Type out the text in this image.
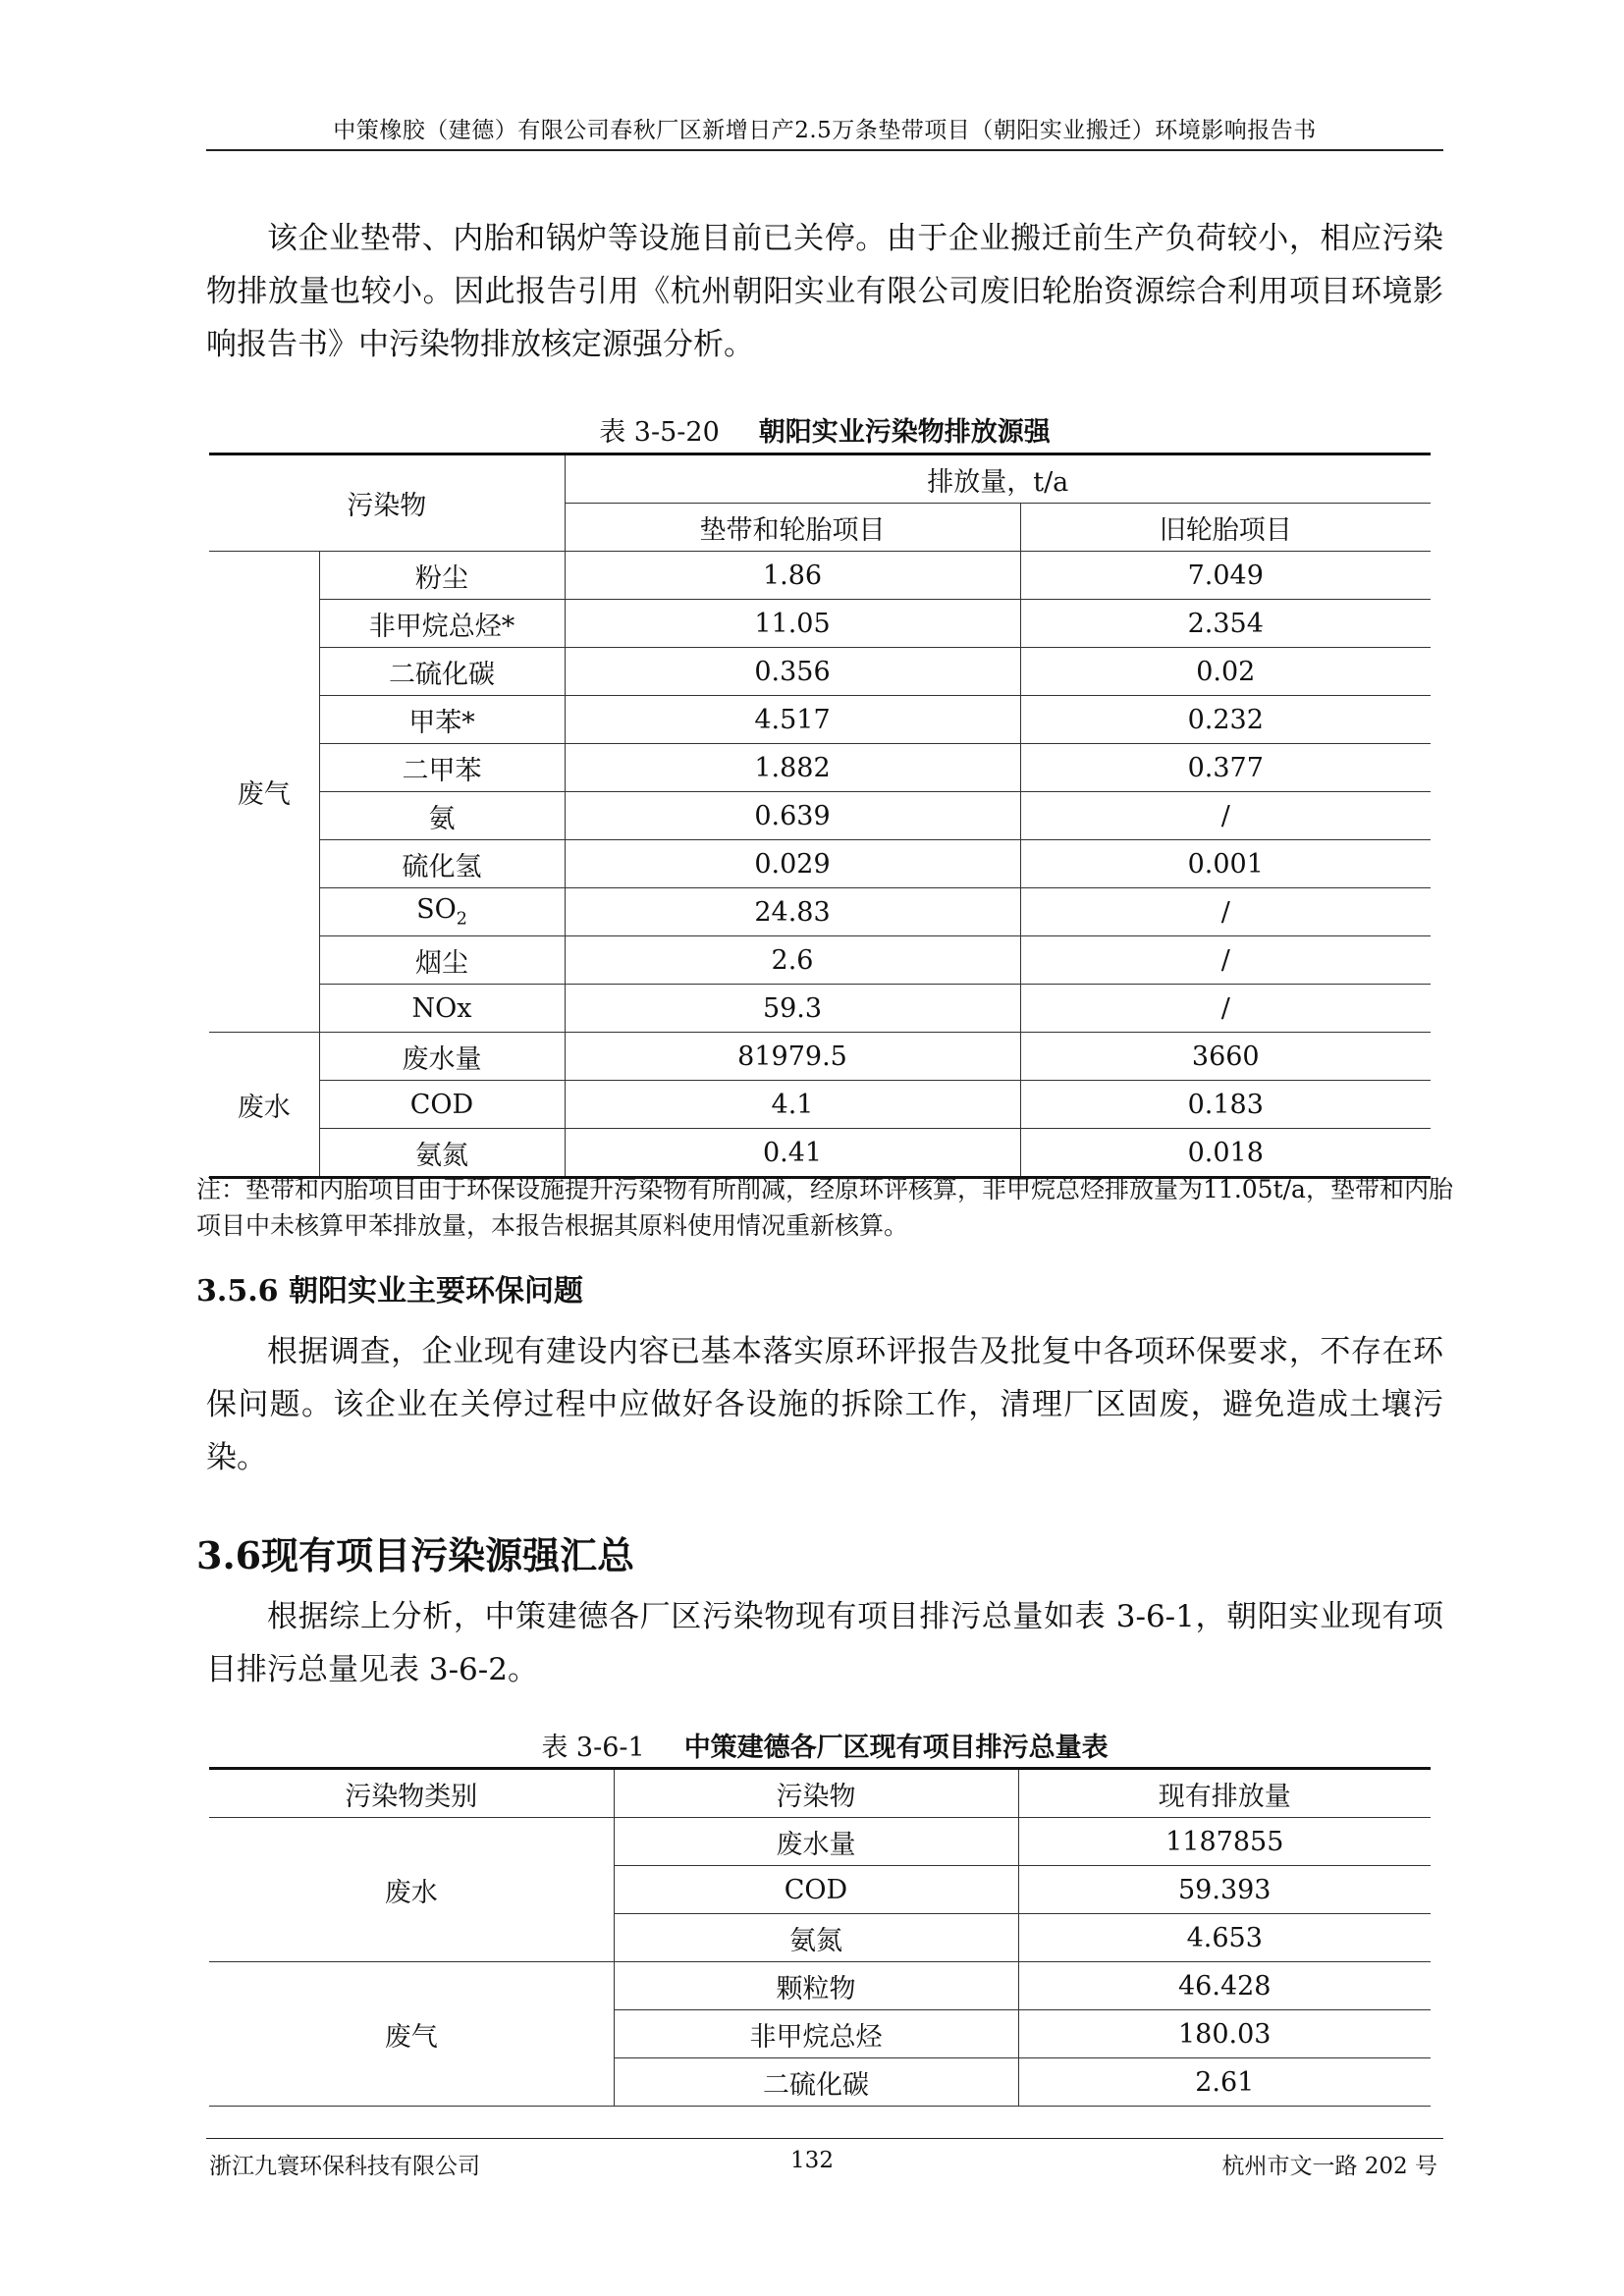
中策橡胶（建德）有限公司春秋厂区新增日产2.5万条垫带项目（朝阳实业搬迁）环境影响报告书
该企业垫带、内胎和锅炉等设施目前已关停。由于企业搬迁前生产负荷较小，相应污染物排放量也较小。因此报告引用《杭州朝阳实业有限公司废旧轮胎资源综合利用项目环境影响报告书》中污染物排放核定源强分析。
表 3-5-20 朝阳实业污染物排放源强
污染物		排放量，t/a	
		垫带和轮胎项目	旧轮胎项目
废气	粉尘	1.86	7.049
	非甲烷总烃*	11.05	2.354
	二硫化碳	0.356	0.02
	甲苯*	4.517	0.232
	二甲苯	1.882	0.377
	氨	0.639	/
	硫化氢	0.029	0.001
	$SO_2$	24.83	/
	烟尘	2.6	/
	NOx	59.3	/
废水	废水量	81979.5	3660
	COD	4.1	0.183
	氨氮	0.41	0.018
注：垫带和内胎项目由于环保设施提升污染物有所削减，经原环评核算，非甲烷总烃排放量为11.05t/a，垫带和内胎项目中未核算甲苯排放量，本报告根据其原料使用情况重新核算。
3.5.6 朝阳实业主要环保问题
根据调查，企业现有建设内容已基本落实原环评报告及批复中各项环保要求，不存在环保问题。该企业在关停过程中应做好各设施的拆除工作，清理厂区固废，避免造成土壤污染。
3.6现有项目污染源强汇总
根据综上分析，中策建德各厂区污染物现有项目排污总量如表 3-6-1，朝阳实业现有项目排污总量见表 3-6-2。
表 3-6-1 中策建德各厂区现有项目排污总量表
污染物类别	污染物	现有排放量
废水	废水量	1187855
	COD	59.393
	氨氮	4.653
废气	颗粒物	46.428
	非甲烷总烃	180.03
	二硫化碳	2.61
浙江九寰环保科技有限公司	132	杭州市文一路 202 号
